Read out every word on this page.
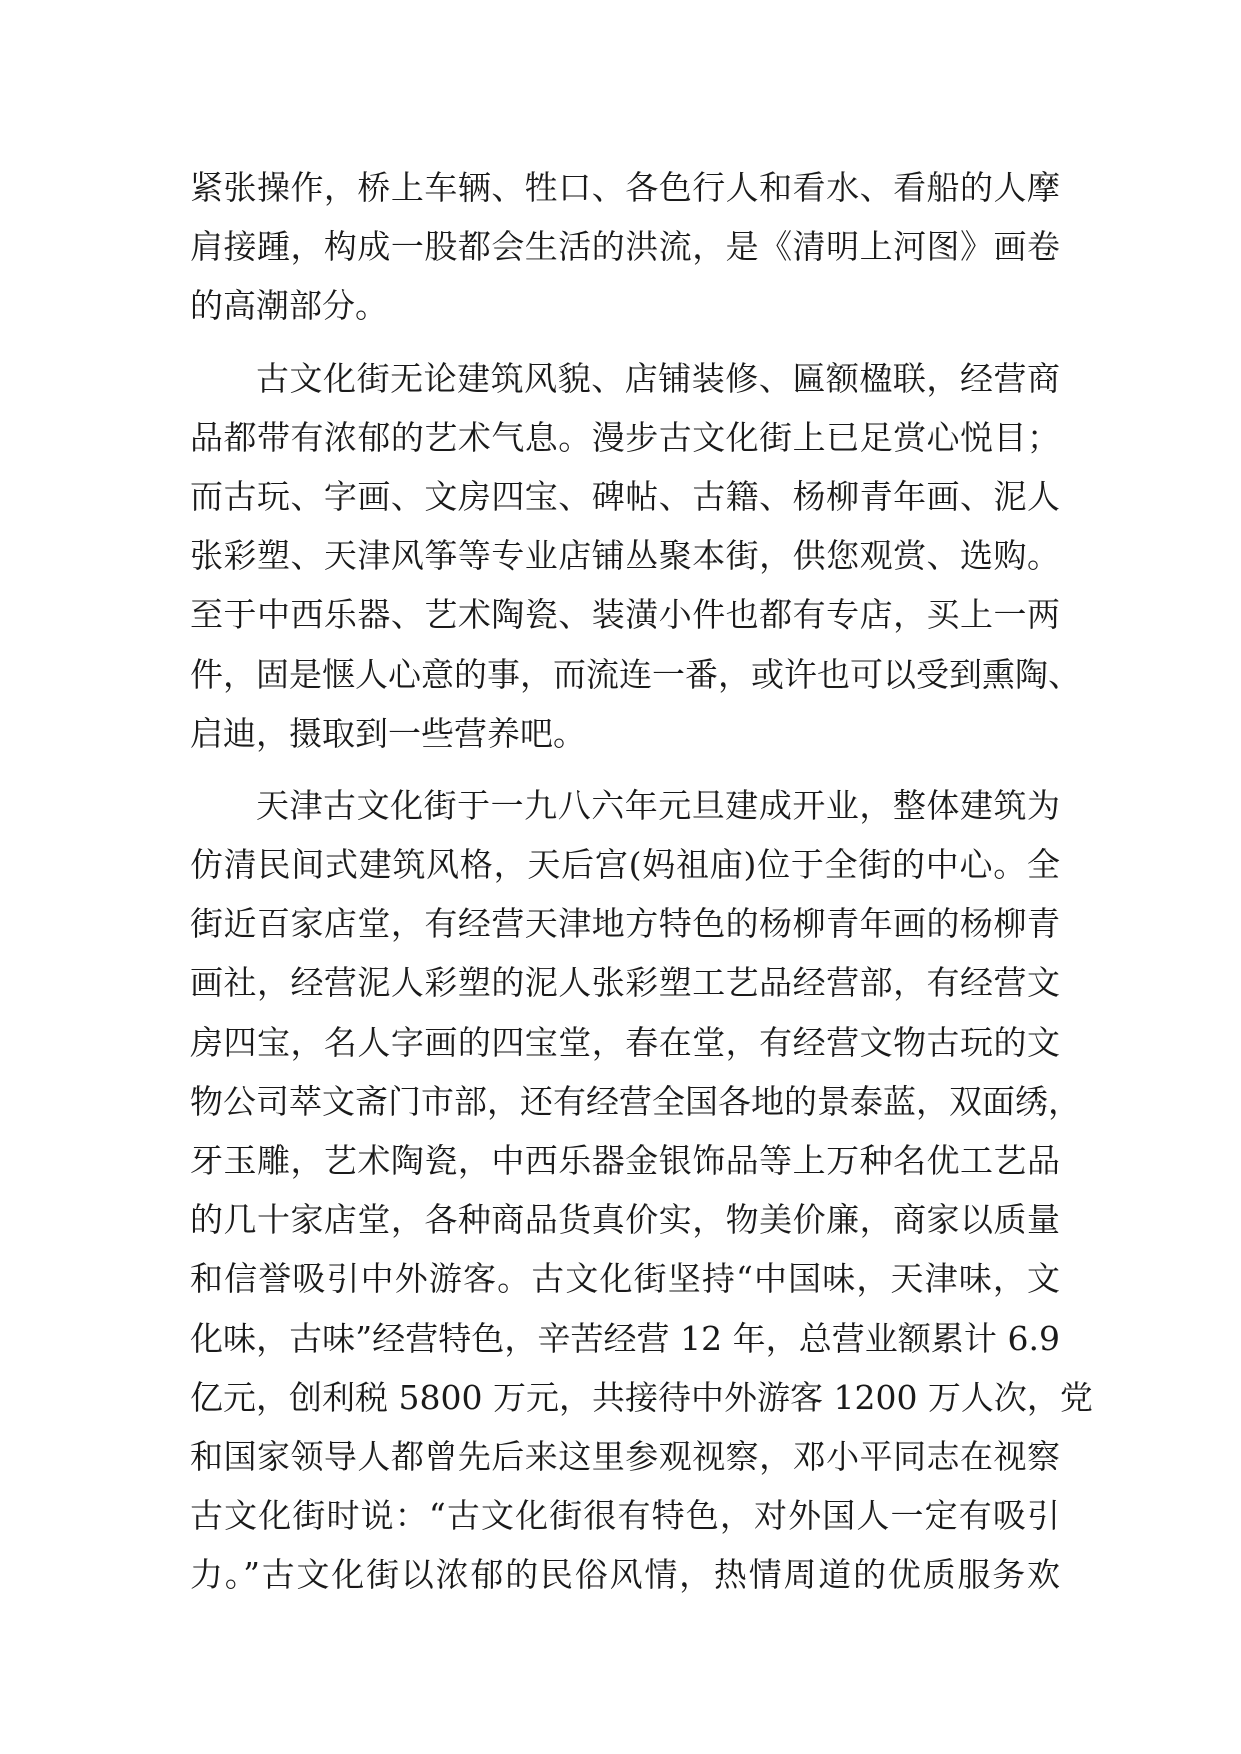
紧张操作，桥上车辆、牲口、各色行人和看水、看船的人摩
肩接踵，构成一股都会生活的洪流，是《清明上河图》画卷
的高潮部分。
古文化街无论建筑风貌、店铺装修、匾额楹联，经营商
品都带有浓郁的艺术气息。漫步古文化街上已足赏心悦目；
而古玩、字画、文房四宝、碑帖、古籍、杨柳青年画、泥人
张彩塑、天津风筝等专业店铺丛聚本街，供您观赏、选购。
至于中西乐器、艺术陶瓷、装潢小件也都有专店，买上一两
件，固是惬人心意的事，而流连一番，或许也可以受到熏陶、
启迪，摄取到一些营养吧。
天津古文化街于一九八六年元旦建成开业，整体建筑为
仿清民间式建筑风格，天后宫(妈祖庙)位于全街的中心。全
街近百家店堂，有经营天津地方特色的杨柳青年画的杨柳青
画社，经营泥人彩塑的泥人张彩塑工艺品经营部，有经营文
房四宝，名人字画的四宝堂，春在堂，有经营文物古玩的文
物公司萃文斋门市部，还有经营全国各地的景泰蓝，双面绣，
牙玉雕，艺术陶瓷，中西乐器金银饰品等上万种名优工艺品
的几十家店堂，各种商品货真价实，物美价廉，商家以质量
和信誉吸引中外游客。古文化街坚持“中国味，天津味，文
化味，古味”经营特色，辛苦经营 12 年，总营业额累计 6.9
亿元，创利税 5800 万元，共接待中外游客 1200 万人次，党
和国家领导人都曾先后来这里参观视察，邓小平同志在视察
古文化街时说：“古文化街很有特色，对外国人一定有吸引
力。”古文化街以浓郁的民俗风情，热情周道的优质服务欢
